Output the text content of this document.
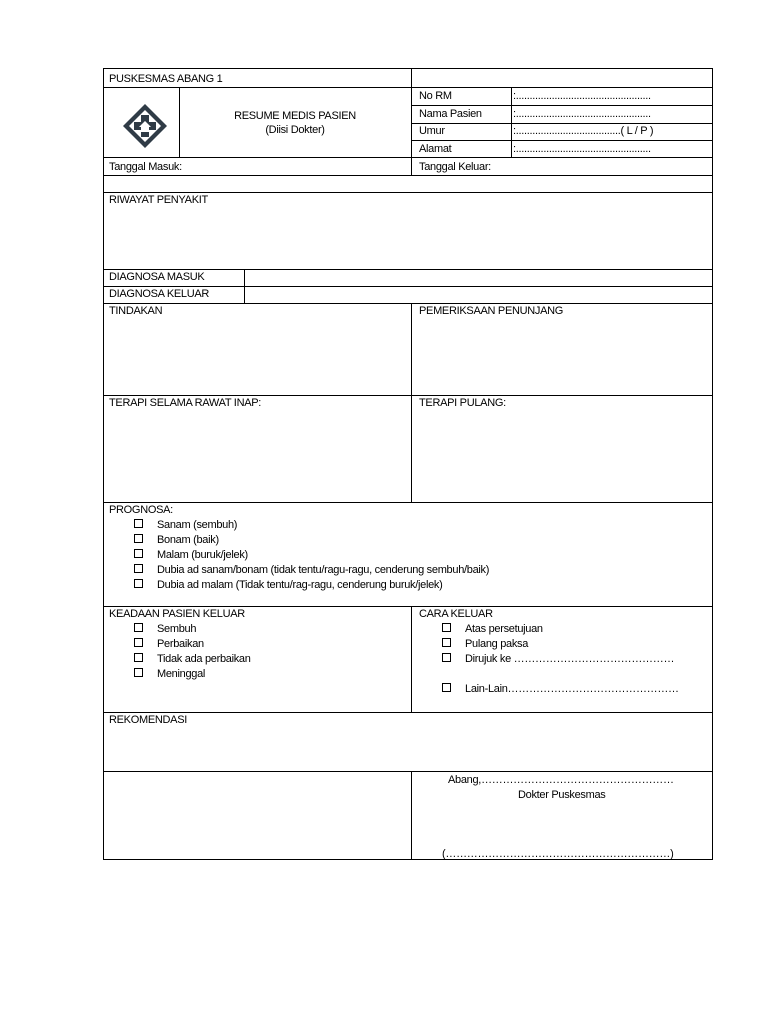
PUSKESMAS ABANG 1
RESUME MEDIS PASIEN
(Diisi Dokter)
No RM	:.................................................
Nama Pasien	:.................................................
Umur	:......................................( L / P )
Alamat	:.................................................
Tanggal Masuk:	Tanggal Keluar:
RIWAYAT PENYAKIT
DIAGNOSA MASUK
DIAGNOSA KELUAR
TINDAKAN	PEMERIKSAAN PENUNJANG
TERAPI SELAMA RAWAT INAP:	TERAPI PULANG:
PROGNOSA:
Sanam (sembuh)
Bonam (baik)
Malam (buruk/jelek)
Dubia ad sanam/bonam (tidak tentu/ragu-ragu, cenderung sembuh/baik)
Dubia ad malam (Tidak tentu/rag-ragu, cenderung buruk/jelek)
KEADAAN PASIEN KELUAR
Sembuh
Perbaikan
Tidak ada perbaikan
Meninggal
CARA KELUAR
Atas persetujuan
Pulang paksa
Dirujuk ke ………………………………………
Lain-Lain…………………………………………
REKOMENDASI
Abang,………………………………………………
Dokter Puskesmas
(………………………………………………………)
